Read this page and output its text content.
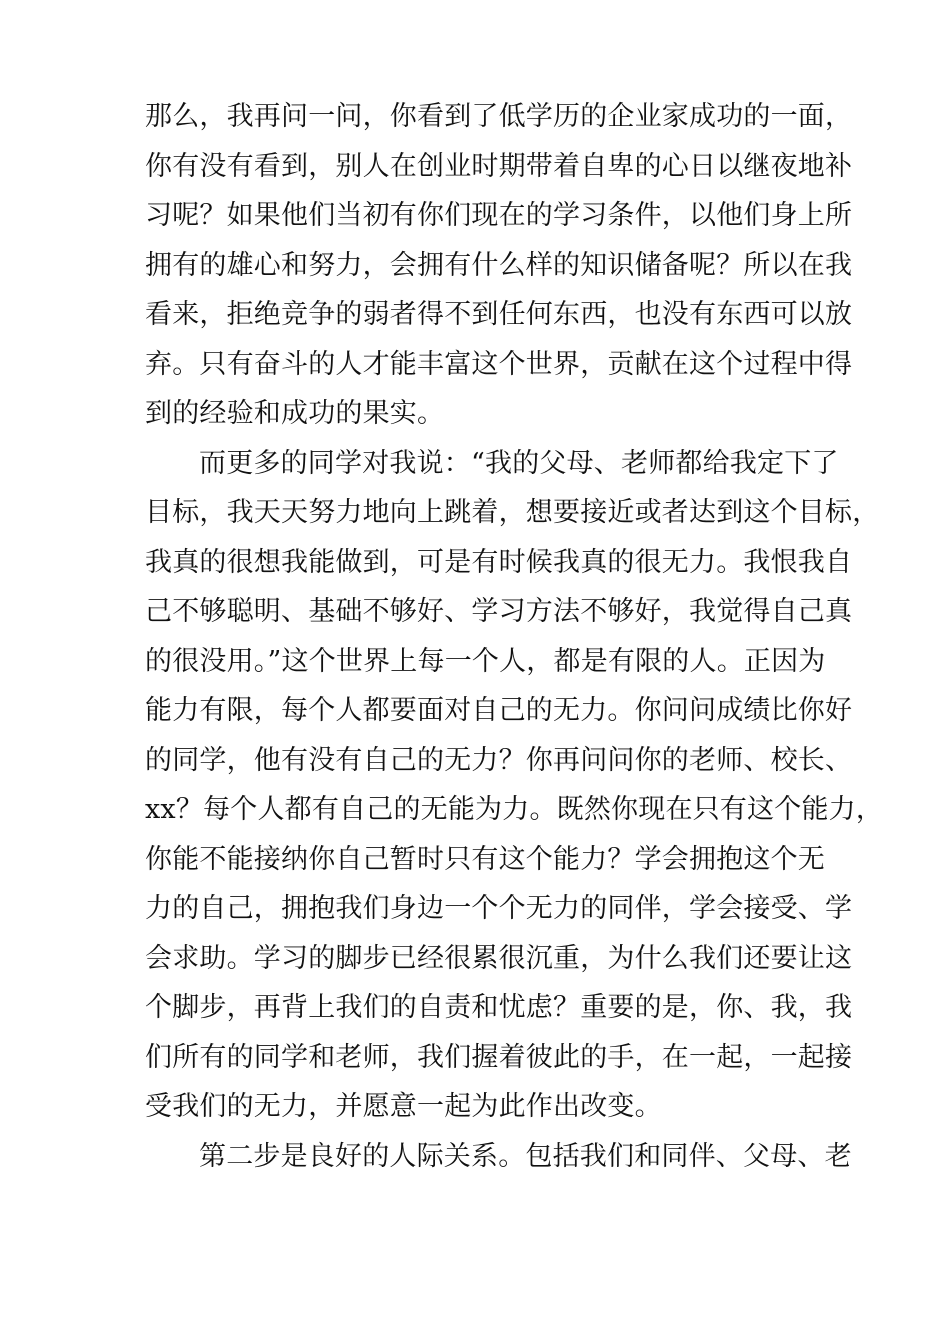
那么，我再问一问，你看到了低学历的企业家成功的一面，
你有没有看到，别人在创业时期带着自卑的心日以继夜地补
习呢？如果他们当初有你们现在的学习条件，以他们身上所
拥有的雄心和努力，会拥有什么样的知识储备呢？所以在我
看来，拒绝竞争的弱者得不到任何东西，也没有东西可以放
弃。只有奋斗的人才能丰富这个世界，贡献在这个过程中得
到的经验和成功的果实。
而更多的同学对我说：“我的父母、老师都给我定下了
目标，我天天努力地向上跳着，想要接近或者达到这个目标，
我真的很想我能做到，可是有时候我真的很无力。我恨我自
己不够聪明、基础不够好、学习方法不够好，我觉得自己真
的很没用。”这个世界上每一个人，都是有限的人。正因为
能力有限，每个人都要面对自己的无力。你问问成绩比你好
的同学，他有没有自己的无力？你再问问你的老师、校长、
xx？每个人都有自己的无能为力。既然你现在只有这个能力，
你能不能接纳你自己暂时只有这个能力？学会拥抱这个无
力的自己，拥抱我们身边一个个无力的同伴，学会接受、学
会求助。学习的脚步已经很累很沉重，为什么我们还要让这
个脚步，再背上我们的自责和忧虑？重要的是，你、我，我
们所有的同学和老师，我们握着彼此的手，在一起，一起接
受我们的无力，并愿意一起为此作出改变。
第二步是良好的人际关系。包括我们和同伴、父母、老
